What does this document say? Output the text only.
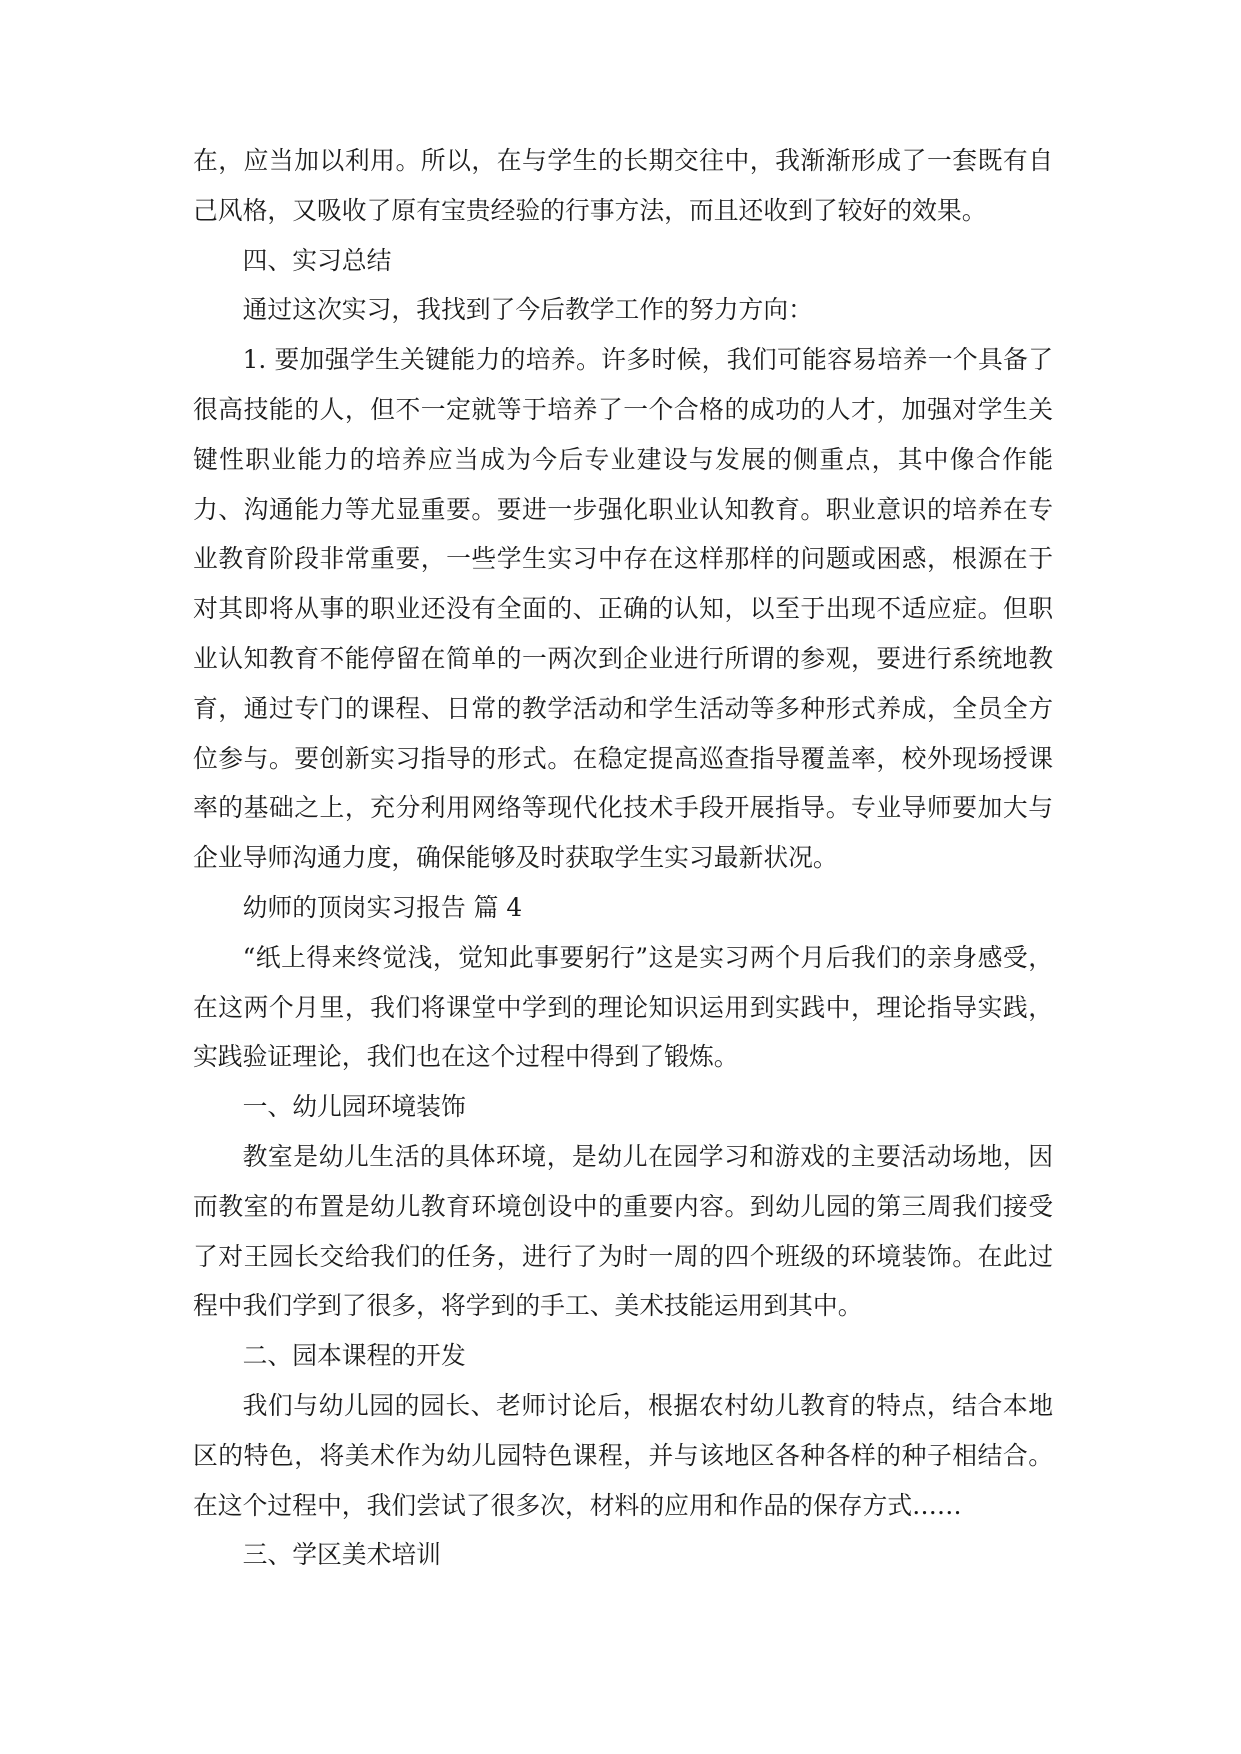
在，应当加以利用。所以，在与学生的长期交往中，我渐渐形成了一套既有自己风格，又吸收了原有宝贵经验的行事方法，而且还收到了较好的效果。

四、实习总结

通过这次实习，我找到了今后教学工作的努力方向：

1. 要加强学生关键能力的培养。许多时候，我们可能容易培养一个具备了很高技能的人，但不一定就等于培养了一个合格的成功的人才，加强对学生关键性职业能力的培养应当成为今后专业建设与发展的侧重点，其中像合作能力、沟通能力等尤显重要。要进一步强化职业认知教育。职业意识的培养在专业教育阶段非常重要，一些学生实习中存在这样那样的问题或困惑，根源在于对其即将从事的职业还没有全面的、正确的认知，以至于出现不适应症。但职业认知教育不能停留在简单的一两次到企业进行所谓的参观，要进行系统地教育，通过专门的课程、日常的教学活动和学生活动等多种形式养成，全员全方位参与。要创新实习指导的形式。在稳定提高巡查指导覆盖率，校外现场授课率的基础之上，充分利用网络等现代化技术手段开展指导。专业导师要加大与企业导师沟通力度，确保能够及时获取学生实习最新状况。

幼师的顶岗实习报告 篇 4

“纸上得来终觉浅，觉知此事要躬行”这是实习两个月后我们的亲身感受，在这两个月里，我们将课堂中学到的理论知识运用到实践中，理论指导实践，实践验证理论，我们也在这个过程中得到了锻炼。

一、幼儿园环境装饰

教室是幼儿生活的具体环境，是幼儿在园学习和游戏的主要活动场地，因而教室的布置是幼儿教育环境创设中的重要内容。到幼儿园的第三周我们接受了对王园长交给我们的任务，进行了为时一周的四个班级的环境装饰。在此过程中我们学到了很多，将学到的手工、美术技能运用到其中。

二、园本课程的开发

我们与幼儿园的园长、老师讨论后，根据农村幼儿教育的特点，结合本地区的特色，将美术作为幼儿园特色课程，并与该地区各种各样的种子相结合。在这个过程中，我们尝试了很多次，材料的应用和作品的保存方式……

三、学区美术培训
